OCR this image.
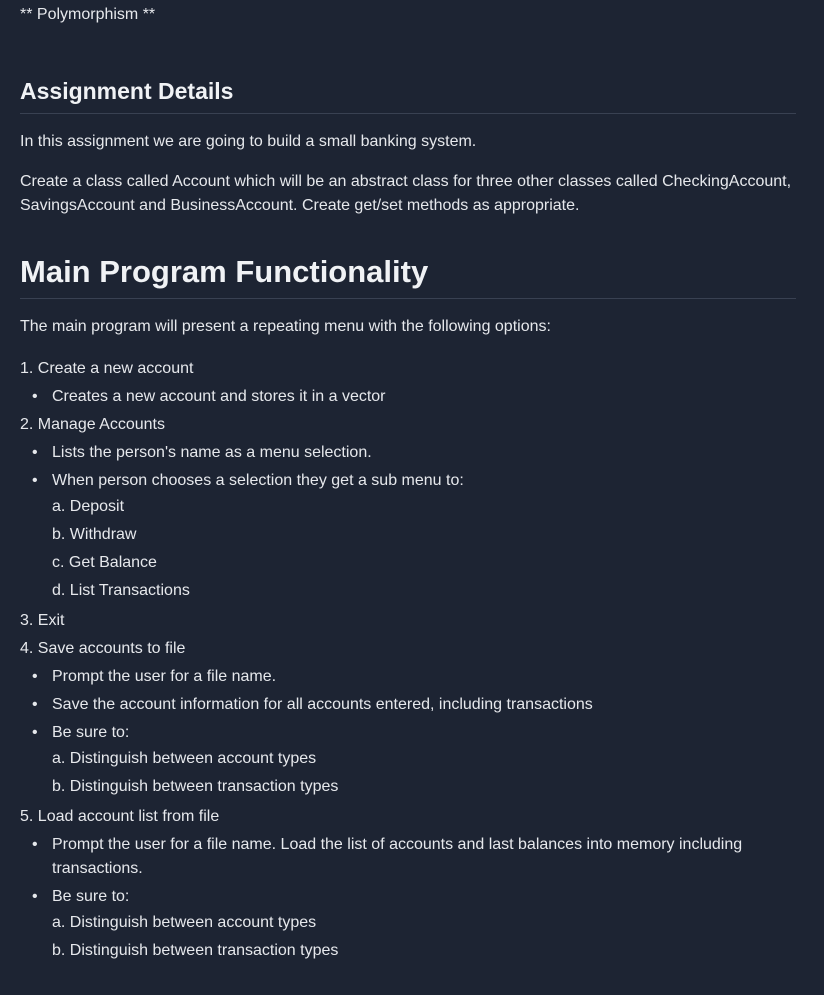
** Polymorphism **

Assignment Details

In this assignment we are going to build a small banking system.

Create a class called Account which will be an abstract class for three other classes called CheckingAccount, SavingsAccount and BusinessAccount. Create get/set methods as appropriate.

Main Program Functionality

The main program will present a repeating menu with the following options:

1. Create a new account
• Creates a new account and stores it in a vector
2. Manage Accounts
• Lists the person's name as a menu selection.
• When person chooses a selection they get a sub menu to:
a. Deposit
b. Withdraw
c. Get Balance
d. List Transactions
3. Exit
4. Save accounts to file
• Prompt the user for a file name.
• Save the account information for all accounts entered, including transactions
• Be sure to:
a. Distinguish between account types
b. Distinguish between transaction types
5. Load account list from file
• Prompt the user for a file name. Load the list of accounts and last balances into memory including transactions.
• Be sure to:
a. Distinguish between account types
b. Distinguish between transaction types
